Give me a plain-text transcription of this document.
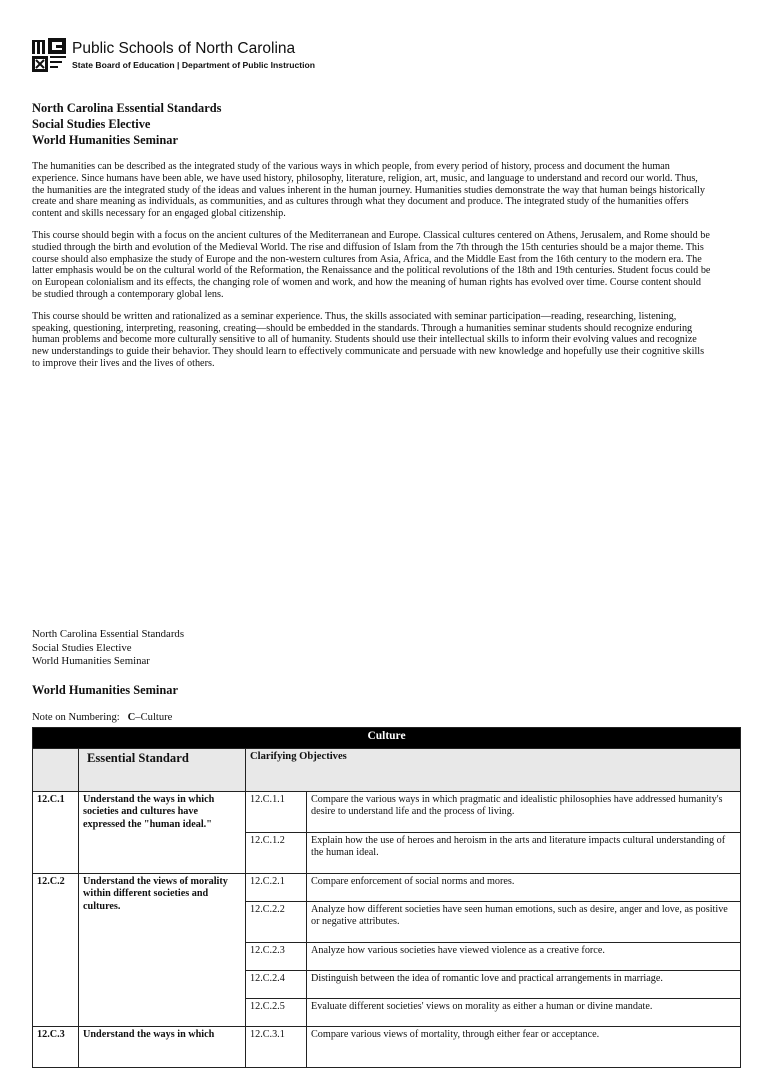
Public Schools of North Carolina
State Board of Education | Department of Public Instruction
North Carolina Essential Standards
Social Studies Elective
World Humanities Seminar

The humanities can be described as the integrated study of the various ways in which people, from every period of history, process and document the human experience. Since humans have been able, we have used history, philosophy, literature, religion, art, music, and language to understand and record our world. Thus, the humanities are the integrated study of the ideas and values inherent in the human journey. Humanities studies demonstrate the way that human beings historically create and share meaning as individuals, as communities, and as cultures through what they document and produce. The integrated study of the humanities offers content and skills necessary for an engaged global citizenship.

This course should begin with a focus on the ancient cultures of the Mediterranean and Europe. Classical cultures centered on Athens, Jerusalem, and Rome should be studied through the birth and evolution of the Medieval World. The rise and diffusion of Islam from the 7th through the 15th centuries should be a major theme. This course should also emphasize the study of Europe and the non-western cultures from Asia, Africa, and the Middle East from the 16th century to the modern era. The latter emphasis would be on the cultural world of the Reformation, the Renaissance and the political revolutions of the 18th and 19th centuries. Student focus could be on European colonialism and its effects, the changing role of women and work, and how the meaning of human rights has evolved over time. Course content should be studied through a contemporary global lens.

This course should be written and rationalized as a seminar experience. Thus, the skills associated with seminar participation—reading, researching, listening, speaking, questioning, interpreting, reasoning, creating—should be embedded in the standards. Through a humanities seminar students should recognize enduring human problems and become more culturally sensitive to all of humanity. Students should use their intellectual skills to inform their evolving values and recognize new understandings to guide their behavior. They should learn to effectively communicate and persuade with new knowledge and hopefully use their cognitive skills to improve their lives and the lives of others.

North Carolina Essential Standards
Social Studies Elective
World Humanities Seminar
World Humanities Seminar
Note on Numbering: C–Culture
Culture			
	Essential Standard	Clarifying Objectives	
12.C.1	Understand the ways in which societies and cultures have expressed the "human ideal."	12.C.1.1	Compare the various ways in which pragmatic and idealistic philosophies have addressed humanity's desire to understand life and the process of living.
		12.C.1.2	Explain how the use of heroes and heroism in the arts and literature impacts cultural understanding of the human ideal.
12.C.2	Understand the views of morality within different societies and cultures.	12.C.2.1	Compare enforcement of social norms and mores.
		12.C.2.2	Analyze how different societies have seen human emotions, such as desire, anger and love, as positive or negative attributes.
		12.C.2.3	Analyze how various societies have viewed violence as a creative force.
		12.C.2.4	Distinguish between the idea of romantic love and practical arrangements in marriage.
		12.C.2.5	Evaluate different societies' views on morality as either a human or divine mandate.
12.C.3	Understand the ways in which	12.C.3.1	Compare various views of mortality, through either fear or acceptance.
